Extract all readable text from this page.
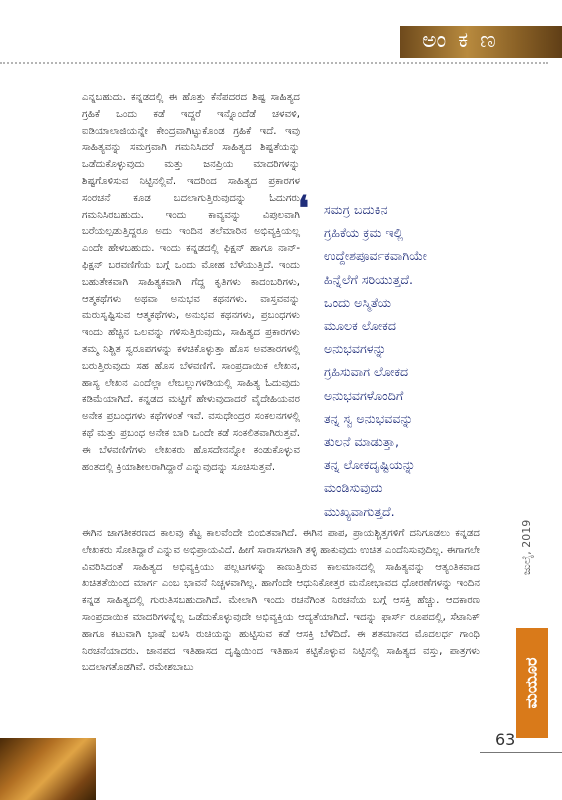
ಅಂಕಣ

ಎನ್ನಬಹುದು. ಕನ್ನಡದಲ್ಲಿ ಈ ಹೊತ್ತು ಕೆನೆಪದರದ ಶಿಷ್ಟ ಸಾಹಿತ್ಯದ ಗ್ರಹಿಕೆ ಒಂದು ಕಡೆ ಇದ್ದರೆ ಇನ್ನೊಂದೆಡೆ ಚಳವಳಿ, ಐಡಿಯಾಲಾಜಿಯನ್ನೇ ಕೇಂದ್ರವಾಗಿಟ್ಟುಕೊಂಡ ಗ್ರಹಿಕೆ ಇದೆ. ಇವು ಸಾಹಿತ್ಯವನ್ನು ಸಮಗ್ರವಾಗಿ ಗಮನಿಸಿದರೆ ಸಾಹಿತ್ಯದ ಶಿಷ್ಟತೆಯನ್ನು ಒಡೆದುಕೊಳ್ಳುವುದು ಮತ್ತು ಜನಪ್ರಿಯ ಮಾದರಿಗಳನ್ನು ಶಿಷ್ಟಗೊಳಿಸುವ ನಿಟ್ಟಿನಲ್ಲಿವೆ. ಇದರಿಂದ ಸಾಹಿತ್ಯದ ಪ್ರಕಾರಗಳ ಸಂರಚನೆ ಕೂಡ ಬದಲಾಗುತ್ತಿರುವುದನ್ನು ಓದುಗರು ಗಮನಿಸಿರಬಹುದು. ಇಂದು ಕಾವ್ಯವನ್ನು ವಿಪುಲವಾಗಿ ಬರೆಯಲ್ಪಡುತ್ತಿದ್ದರೂ ಅದು ಇಂದಿನ ತಲೆಮಾರಿನ ಅಭಿವ್ಯಕ್ತಿಯಲ್ಲ ಎಂದೇ ಹೇಳಬಹುದು. ಇಂದು ಕನ್ನಡದಲ್ಲಿ ಫಿಕ್ಷನ್ ಹಾಗೂ ನಾನ್-ಫಿಕ್ಷನ್ ಬರವಣಿಗೆಯ ಬಗ್ಗೆ ಒಂದು ಮೋಹ ಬೆಳೆಯುತ್ತಿದೆ. ಇಂದು ಬಹುತೇಕವಾಗಿ ಸಾಹಿತ್ಯಕವಾಗಿ ಗೆದ್ದ ಕೃತಿಗಳು ಕಾದಂಬರಿಗಳು, ಆತ್ಮಕಥೆಗಳು ಅಥವಾ ಅನುಭವ ಕಥನಗಳು. ವಾಸ್ತವವನ್ನು ಮರುಸೃಷ್ಟಿಸುವ ಆತ್ಮಕಥೆಗಳು, ಅನುಭವ ಕಥನಗಳು, ಪ್ರಬಂಧಗಳು ಇಂದು ಹೆಚ್ಚಿನ ಒಲವನ್ನು ಗಳಿಸುತ್ತಿರುವುದು, ಸಾಹಿತ್ಯದ ಪ್ರಕಾರಗಳು ತಮ್ಮ ನಿಶ್ಚಿತ ಸ್ವರೂಪಗಳನ್ನು ಕಳಚಿಕೊಳ್ಳುತ್ತಾ ಹೊಸ ಅವತಾರಗಳಲ್ಲಿ ಬರುತ್ತಿರುವುದು ಸಹ ಹೊಸ ಬೆಳವಣಿಗೆ. ಸಾಂಪ್ರದಾಯಿಕ ಲೇಖನ, ಹಾಸ್ಯ ಲೇಖನ ಎಂದೆಲ್ಲಾ ಲೇಬಲ್ಲುಗಳಡಿಯಲ್ಲಿ ಸಾಹಿತ್ಯ ಓದುವುದು ಕಡಿಮೆಯಾಗಿದೆ. ಕನ್ನಡದ ಮಟ್ಟಿಗೆ ಹೇಳುವುದಾದರೆ ವೈದೇಹಿಯವರ ಅನೇಕ ಪ್ರಬಂಧಗಳು ಕಥೆಗಳಂತೆ ಇವೆ. ವಸುಧೇಂದ್ರರ ಸಂಕಲನಗಳಲ್ಲಿ ಕಥೆ ಮತ್ತು ಪ್ರಬಂಧ ಅನೇಕ ಬಾರಿ ಒಂದೇ ಕಡೆ ಸಂಕಲಿತವಾಗಿರುತ್ತವೆ. ಈ ಬೆಳವಣಿಗೆಗಳು ಲೇಖಕರು ಹೊಸದೇನನ್ನೋ ಕಂಡುಕೊಳ್ಳುವ ಹಂತದಲ್ಲಿ ಕ್ರಿಯಾಶೀಲರಾಗಿದ್ದಾರೆ ಎನ್ನುವುದನ್ನು ಸೂಚಿಸುತ್ತವೆ.

ಈಗಿನ ಜಾಗತೀಕರಣದ ಕಾಲವು ಕೆಟ್ಟ ಕಾಲವೆಂದೇ ಬಿಂಬಿತವಾಗಿದೆ. ಈಗಿನ ಪಾಪ, ಪ್ರಾಯಶ್ಚಿತ್ತಗಳಿಗೆ ದನಿಗೂಡಲು ಕನ್ನಡದ ಲೇಖಕರು ಸೋತಿದ್ದಾರೆ ಎನ್ನುವ ಅಭಿಪ್ರಾಯವಿದೆ. ಹೀಗೆ ಸಾರಾಸಗಟಾಗಿ ತಳ್ಳಿ ಹಾಕುವುದು ಉಚಿತ ಎಂದೆನಿಸುವುದಿಲ್ಲ. ಈಗಾಗಲೇ ವಿವರಿಸಿದಂತೆ ಸಾಹಿತ್ಯದ ಅಭಿವ್ಯಕ್ತಿಯು ಪಲ್ಲಟಗಳನ್ನು ಕಾಣುತ್ತಿರುವ ಕಾಲಮಾನದಲ್ಲಿ ಸಾಹಿತ್ಯವನ್ನು ಆತ್ಯಂತಿಕವಾದ ಖಚಿತತೆಯಿಂದ ಮಾರ್ಗ ಎಂಬ ಭಾವನೆ ನಿಚ್ಚಳವಾಗಿಲ್ಲ. ಹಾಗೆಂದೇ ಆಧುನಿಕೋತ್ತರ ಮನೋಭಾವದ ಧೋರಣೆಗಳನ್ನು ಇಂದಿನ ಕನ್ನಡ ಸಾಹಿತ್ಯದಲ್ಲಿ ಗುರುತಿಸಬಹುದಾಗಿದೆ. ಮೇಲಾಗಿ ಇಂದು ರಚನೆಗಿಂತ ನಿರಚನೆಯ ಬಗ್ಗೆ ಆಸಕ್ತಿ ಹೆಚ್ಚು. ಆದಕಾರಣ ಸಾಂಪ್ರದಾಯಿಕ ಮಾದರಿಗಳನ್ನೆಲ್ಲ ಒಡೆದುಕೊಳ್ಳುವುದೇ ಅಭಿವ್ಯಕ್ತಿಯ ಆದ್ಯತೆಯಾಗಿದೆ. ಇದನ್ನು ಫಾರ್ಸ್ ರೂಪದಲ್ಲಿ, ಸೆಟಾನಿಕ್ ಹಾಗೂ ಕಟುವಾಗಿ ಭಾಷೆ ಬಳಸಿ ರುಚಿಯನ್ನು ಹುಟ್ಟಿಸುವ ಕಡೆ ಆಸಕ್ತಿ ಬೆಳೆದಿದೆ. ಈ ಶತಮಾನದ ಮೊದಲರ್ಧ ಗಾಂಧಿ ನಿರಚನೆಯಾದರು. ಜಾನಪದ ಇತಿಹಾಸದ ದೃಷ್ಟಿಯಿಂದ ಇತಿಹಾಸ ಕಟ್ಟಿಕೊಳ್ಳುವ ನಿಟ್ಟಿನಲ್ಲಿ ಸಾಹಿತ್ಯದ ವಸ್ತು, ಪಾತ್ರಗಳು ಬದಲಾಗತೊಡಗಿವೆ. ರಮೇಶಬಾಬು

❛ ಸಮಗ್ರ ಬದುಕಿನ
ಗ್ರಹಿಕೆಯ ಕ್ರಮ ಇಲ್ಲಿ
ಉದ್ದೇಶಪೂರ್ವಕವಾಗಿಯೇ
ಹಿನ್ನೆಲೆಗೆ ಸರಿಯುತ್ತದೆ.
ಒಂದು ಅಸ್ಮಿತೆಯ
ಮೂಲಕ ಲೋಕದ
ಅನುಭವಗಳನ್ನು
ಗ್ರಹಿಸುವಾಗ ಲೋಕದ
ಅನುಭವಗಳೊಂದಿಗೆ
ತನ್ನ ಸ್ವ ಅನುಭವವನ್ನು
ತುಲನೆ ಮಾಡುತ್ತಾ,
ತನ್ನ ಲೋಕದೃಷ್ಟಿಯನ್ನು
ಮಂಡಿಸುವುದು
ಮುಖ್ಯವಾಗುತ್ತದೆ.
ಜುಲೈ, 2019
ಮಯೂರ
63
